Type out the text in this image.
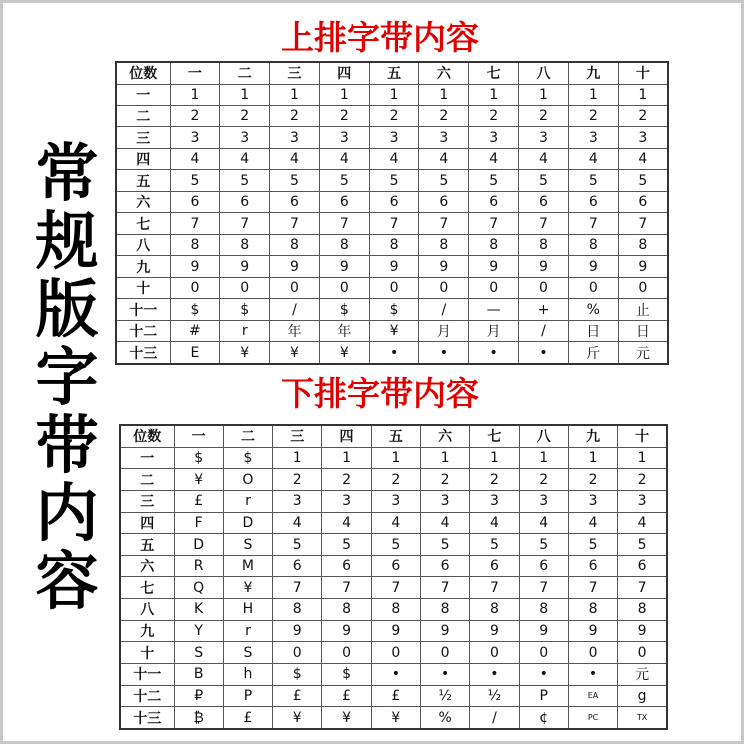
常规版字带内容
上排字带内容
位数	一	二	三	四	五	六	七	八	九	十
一	1	1	1	1	1	1	1	1	1	1
二	2	2	2	2	2	2	2	2	2	2
三	3	3	3	3	3	3	3	3	3	3
四	4	4	4	4	4	4	4	4	4	4
五	5	5	5	5	5	5	5	5	5	5
六	6	6	6	6	6	6	6	6	6	6
七	7	7	7	7	7	7	7	7	7	7
八	8	8	8	8	8	8	8	8	8	8
九	9	9	9	9	9	9	9	9	9	9
十	0	0	0	0	0	0	0	0	0	0
十一	$	$	/	$	$	/	—	+	%	止
十二	#	r	年	年	¥	月	月	/	日	日
十三	E	¥	¥	¥	•	•	•	•	斤	元
下排字带内容
位数	一	二	三	四	五	六	七	八	九	十
一	$	$	1	1	1	1	1	1	1	1
二	¥	O	2	2	2	2	2	2	2	2
三	£	r	3	3	3	3	3	3	3	3
四	F	D	4	4	4	4	4	4	4	4
五	D	S	5	5	5	5	5	5	5	5
六	R	M	6	6	6	6	6	6	6	6
七	Q	¥	7	7	7	7	7	7	7	7
八	K	H	8	8	8	8	8	8	8	8
九	Y	r	9	9	9	9	9	9	9	9
十	S	S	0	0	0	0	0	0	0	0
十一	B	h	$	$	•	•	•	•	•	元
十二	₽	P	£	£	£	½	½	P	ΕΑ	g
十三	₿	£	¥	¥	¥	%	/	¢	PC	TX
